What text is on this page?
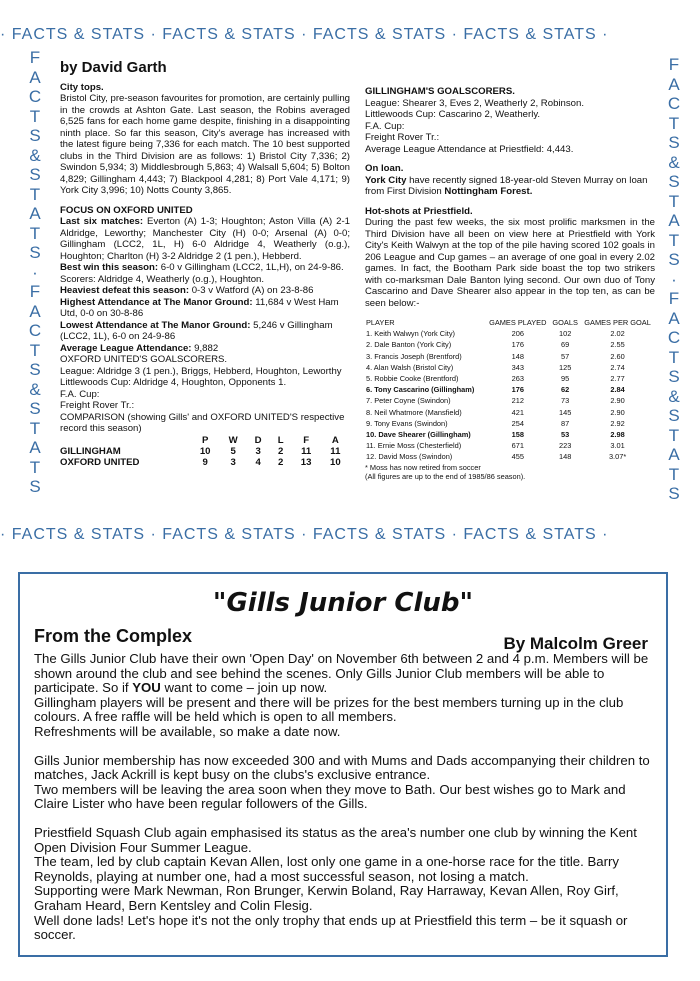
· FACTS & STATS · FACTS & STATS · FACTS & STATS · FACTS & STATS ·
· FACTS & STATS · FACTS & STATS · FACTS & STATS · FACTS & STATS ·
F
A
C
T
S
&
S
T
A
T
S
·
F
A
C
T
S
&
S
T
A
T
S
F
A
C
T
S
&
S
T
A
T
S
·
F
A
C
T
S
&
S
T
A
T
S
by David Garth

City tops.

Bristol City, pre-season favourites for promotion, are certainly pulling in the crowds at Ashton Gate. Last season, the Robins averaged 6,525 fans for each home game despite, finishing in a disappointing ninth place. So far this season, City's average has increased with the latest figure being 7,336 for each match. The 10 best supported clubs in the Third Division are as follows: 1) Bristol City 7,336; 2) Swindon 5,934; 3) Middlesbrough 5,863; 4) Walsall 5,604; 5) Bolton 4,829; Gillingham 4,443; 7) Blackpool 4,281; 8) Port Vale 4,171; 9) York City 3,996; 10) Notts County 3,865.

FOCUS ON OXFORD UNITED

Last six matches: Everton (A) 1-3; Houghton; Aston Villa (A) 2-1 Aldridge, Leworthy; Manchester City (H) 0-0; Arsenal (A) 0-0; Gillingham (LCC2, 1L, H) 6-0 Aldridge 4, Weatherly (o.g.), Houghton; Charlton (H) 3-2 Aldridge 2 (1 pen.), Hebberd.

Best win this season: 6-0 v Gillingham (LCC2, 1L,H), on 24-9-86. Scorers: Aldridge 4, Weatherly (o.g.), Houghton.

Heaviest defeat this season: 0-3 v Watford (A) on 23-8-86

Highest Attendance at The Manor Ground: 11,684 v West Ham Utd, 0-0 on 30-8-86

Lowest Attendance at The Manor Ground: 5,246 v Gillingham (LCC2, 1L), 6-0 on 24-9-86

Average League Attendance: 9,882

OXFORD UNITED'S GOALSCORERS.

League: Aldridge 3 (1 pen.), Briggs, Hebberd, Houghton, Leworthy

Littlewoods Cup: Aldridge 4, Houghton, Opponents 1.

F.A. Cup:

Freight Rover Tr.:

COMPARISON (showing Gills' and OXFORD UNITED'S respective record this season)

	P	W	D	L	F	A
GILLINGHAM	10	5	3	2	11	11
OXFORD UNITED	9	3	4	2	13	10

GILLINGHAM'S GOALSCORERS.

League: Shearer 3, Eves 2, Weatherly 2, Robinson.

Littlewoods Cup: Cascarino 2, Weatherly.

F.A. Cup:

Freight Rover Tr.:

Average League Attendance at Priestfield: 4,443.

On loan.

York City have recently signed 18-year-old Steven Murray on loan from First Division Nottingham Forest.

Hot-shots at Priestfield.

During the past few weeks, the six most prolific marksmen in the Third Division have all been on view here at Priestfield with York City's Keith Walwyn at the top of the pile having scored 102 goals in 206 League and Cup games – an average of one goal in every 2.02 games. In fact, the Bootham Park side boast the top two strikers with co-marksman Dale Banton lying second. Our own duo of Tony Cascarino and Dave Shearer also appear in the top ten, as can be seen below:-

PLAYER	GAMES PLAYED	GOALS	GAMES PER GOAL
1. Keith Walwyn (York City)	206	102	2.02
2. Dale Banton (York City)	176	69	2.55
3. Francis Joseph (Brentford)	148	57	2.60
4. Alan Walsh (Bristol City)	343	125	2.74
5. Robbie Cooke (Brentford)	263	95	2.77
6. Tony Cascarino (Gillingham)	176	62	2.84
7. Peter Coyne (Swindon)	212	73	2.90
8. Neil Whatmore (Mansfield)	421	145	2.90
9. Tony Evans (Swindon)	254	87	2.92
10. Dave Shearer (Gillingham)	158	53	2.98
11. Ernie Moss (Chesterfield)	671	223	3.01
12. David Moss (Swindon)	455	148	3.07*

* Moss has now retired from soccer

(All figures are up to the end of 1985/86 season).

"Gills Junior Club"
From the Complex	By Malcolm Greer

The Gills Junior Club have their own 'Open Day' on November 6th between 2 and 4 p.m. Members will be shown around the club and see behind the scenes. Only Gills Junior Club members will be able to participate. So if YOU want to come – join up now.

Gillingham players will be present and there will be prizes for the best members turning up in the club colours. A free raffle will be held which is open to all members.

Refreshments will be available, so make a date now.

Gills Junior membership has now exceeded 300 and with Mums and Dads accompanying their children to matches, Jack Ackrill is kept busy on the clubs's exclusive entrance.

Two members will be leaving the area soon when they move to Bath. Our best wishes go to Mark and Claire Lister who have been regular followers of the Gills.

Priestfield Squash Club again emphasised its status as the area's number one club by winning the Kent Open Division Four Summer League.

The team, led by club captain Kevan Allen, lost only one game in a one-horse race for the title. Barry Reynolds, playing at number one, had a most successful season, not losing a match.

Supporting were Mark Newman, Ron Brunger, Kerwin Boland, Ray Harraway, Kevan Allen, Roy Girf, Graham Heard, Bern Kentsley and Colin Flesig.

Well done lads! Let's hope it's not the only trophy that ends up at Priestfield this term – be it squash or soccer.
